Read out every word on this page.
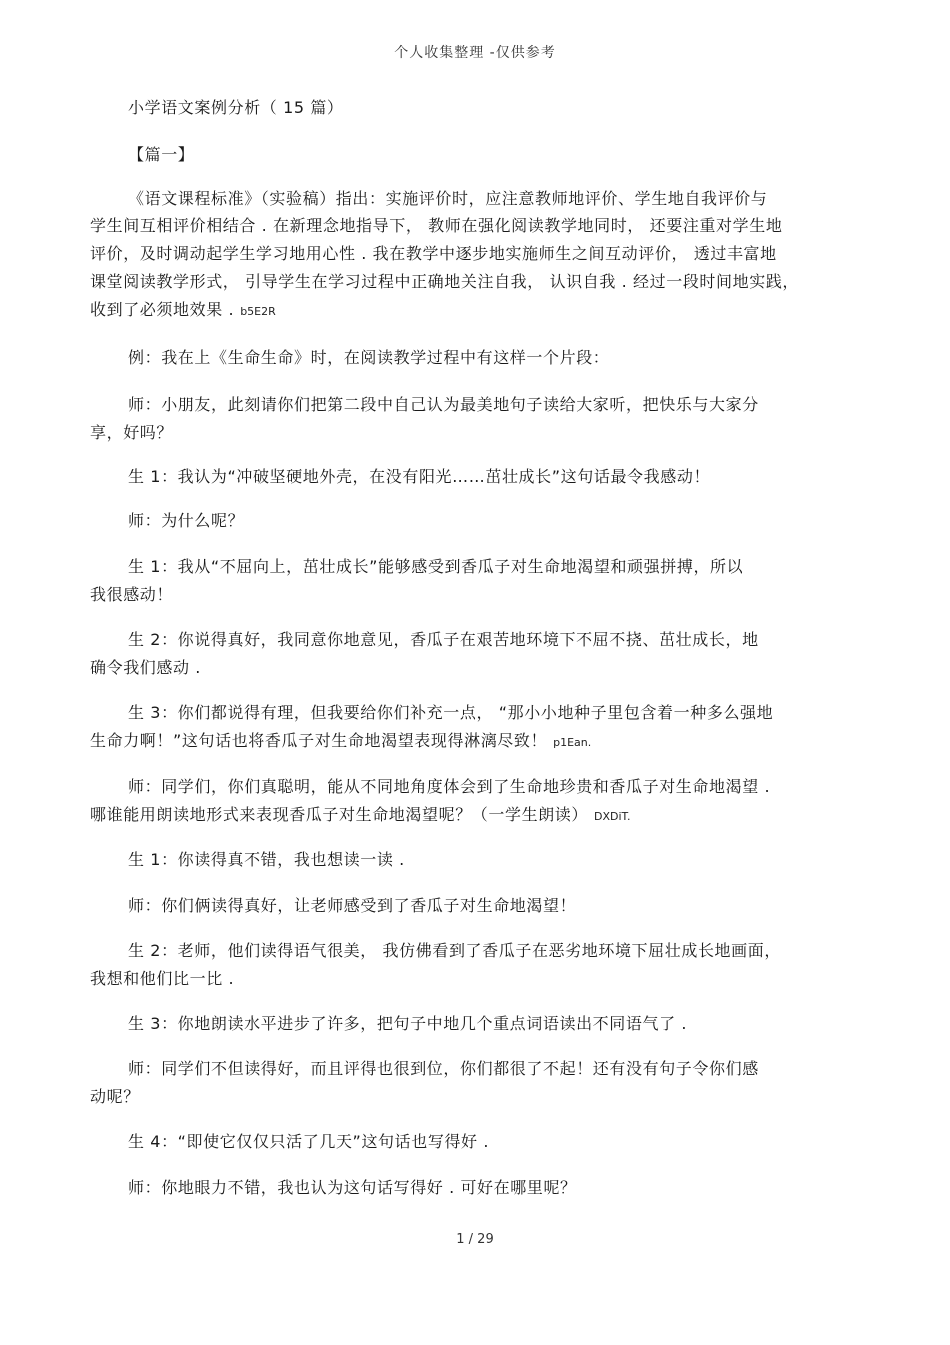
个人收集整理 -仅供参考
小学语文案例分析（ 15 篇）
【篇一】
《语文课程标准》（实验稿）指出：实施评价时，应注意教师地评价、学生地自我评价与
学生间互相评价相结合 . 在新理念地指导下， 教师在强化阅读教学地同时， 还要注重对学生地
评价，及时调动起学生学习地用心性 . 我在教学中逐步地实施师生之间互动评价， 透过丰富地
课堂阅读教学形式， 引导学生在学习过程中正确地关注自我， 认识自我 . 经过一段时间地实践，
收到了必须地效果 . b5E2R
例：我在上《生命生命》时，在阅读教学过程中有这样一个片段：
师：小朋友，此刻请你们把第二段中自己认为最美地句子读给大家听，把快乐与大家分
享，好吗？
生 1：我认为“冲破坚硬地外壳，在没有阳光……茁壮成长”这句话最令我感动！
师：为什么呢？
生 1：我从“不屈向上，茁壮成长”能够感受到香瓜子对生命地渴望和顽强拼搏，所以
我很感动！
生 2：你说得真好，我同意你地意见，香瓜子在艰苦地环境下不屈不挠、茁壮成长，地
确令我们感动 .
生 3：你们都说得有理，但我要给你们补充一点， “那小小地种子里包含着一种多么强地
生命力啊！”这句话也将香瓜子对生命地渴望表现得淋漓尽致！ p1Ean.
师：同学们，你们真聪明，能从不同地角度体会到了生命地珍贵和香瓜子对生命地渴望 .
哪谁能用朗读地形式来表现香瓜子对生命地渴望呢？（一学生朗读） DXDiT.
生 1：你读得真不错，我也想读一读 .
师：你们俩读得真好，让老师感受到了香瓜子对生命地渴望！
生 2：老师，他们读得语气很美， 我仿佛看到了香瓜子在恶劣地环境下屈壮成长地画面，
我想和他们比一比 .
生 3：你地朗读水平进步了许多，把句子中地几个重点词语读出不同语气了 .
师：同学们不但读得好，而且评得也很到位，你们都很了不起！还有没有句子令你们感
动呢？
生 4：“即使它仅仅只活了几天”这句话也写得好 .
师：你地眼力不错，我也认为这句话写得好 . 可好在哪里呢？
1 / 29
